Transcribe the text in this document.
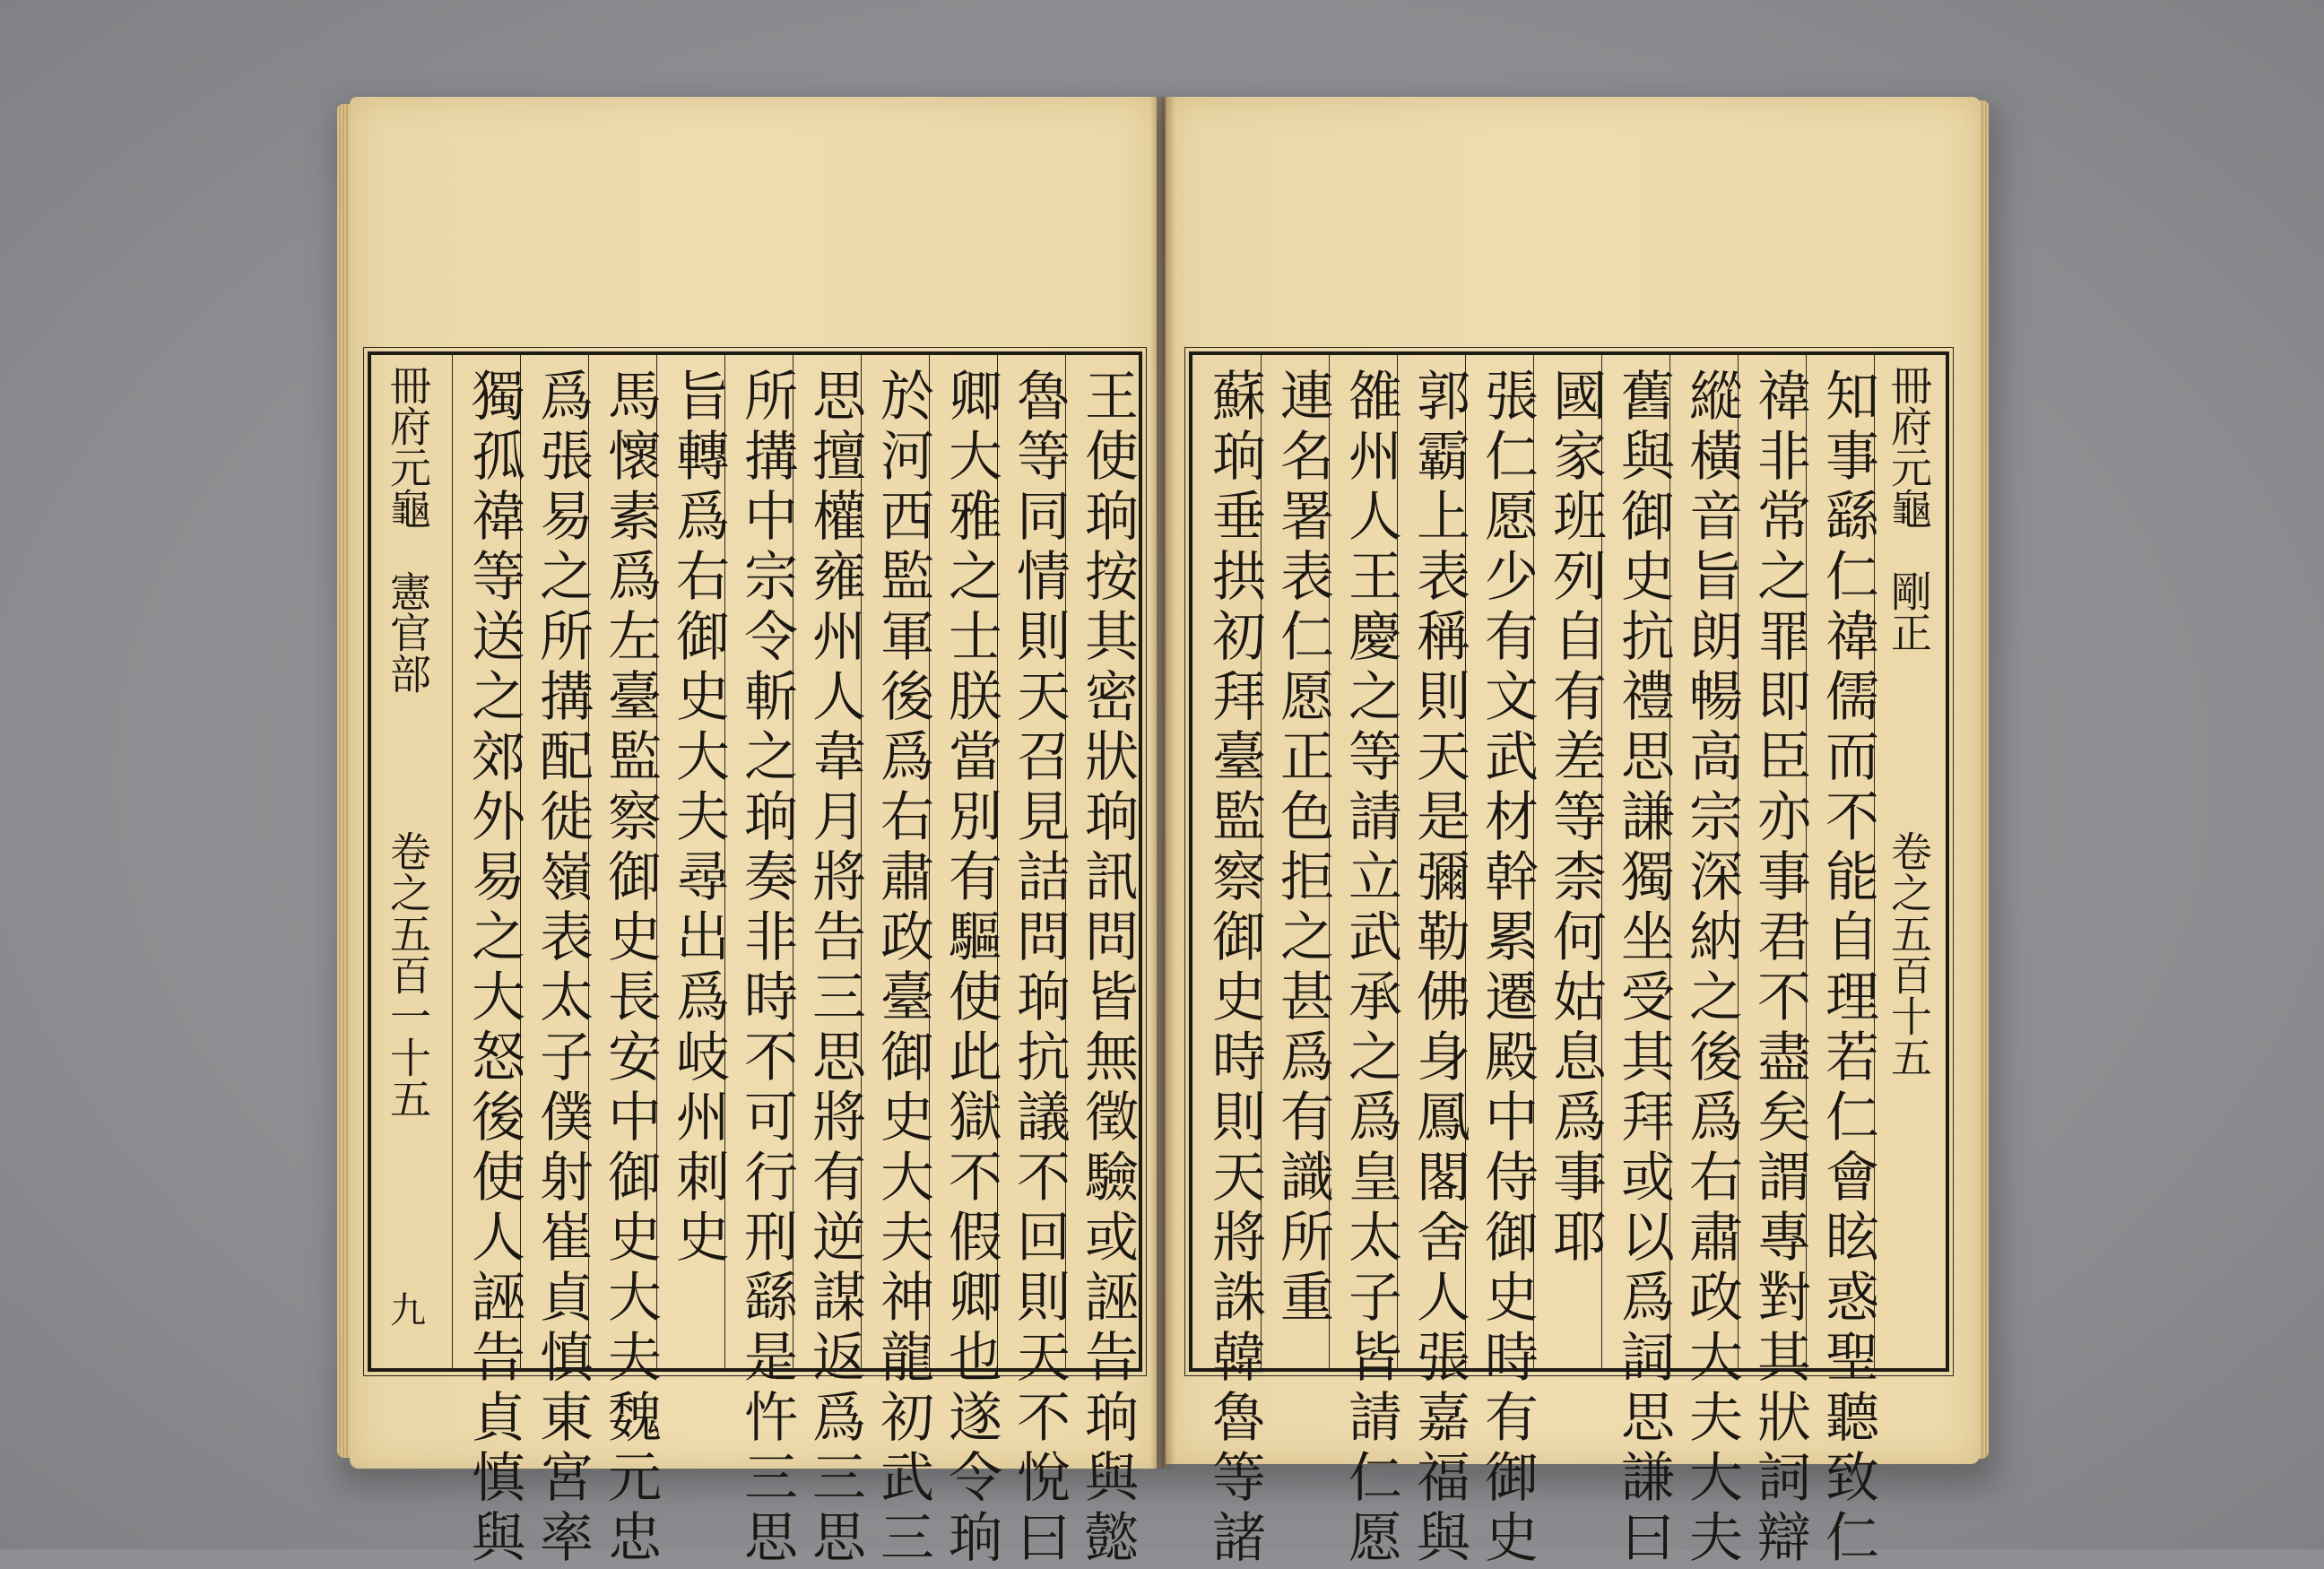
王使珦按其密狀珦訊問皆無徵驗或誣告珦與懿
魯等同情則天召見詰問珦抗議不回則天不悅曰
卿大雅之士朕當別有驅使此獄不假卿也遂令珦
於河西監軍後爲右肅政臺御史大夫神龍初武三
思擅權雍州人韋月將告三思將有逆謀返爲三思
所搆中宗令斬之珦奏非時不可行刑繇是忤三思
旨轉爲右御史大夫尋出爲岐州刺史
馬懷素爲左臺監察御史長安中御史大夫魏元忠
爲張易之所搆配徙嶺表太子僕射崔貞慎東宮率
獨孤禕等送之郊外易之大怒後使人誣告貞慎與
冊府元龜　憲官部
卷之五百一十五
九	知事繇仁禕儒而不能自理若仁會眩惑聖聽致仁
禕非常之罪即臣亦事君不盡矣謂專對其狀詞辯
縱橫音旨朗暢高宗深納之後爲右肅政大夫大夫
舊與御史抗禮思謙獨坐受其拜或以爲詞思謙曰
國家班列自有差等柰何姑息爲事耶
張仁愿少有文武材幹累遷殿中侍御史時有御史
郭霸上表稱則天是彌勒佛身鳳閣舍人張嘉福與
雒州人王慶之等請立武承之爲皇太子皆請仁愿
連名署表仁愿正色拒之甚爲有識所重
蘇珦垂拱初拜臺監察御史時則天將誅韓魯等諸	冊府元龜　剛正
卷之五百十五
